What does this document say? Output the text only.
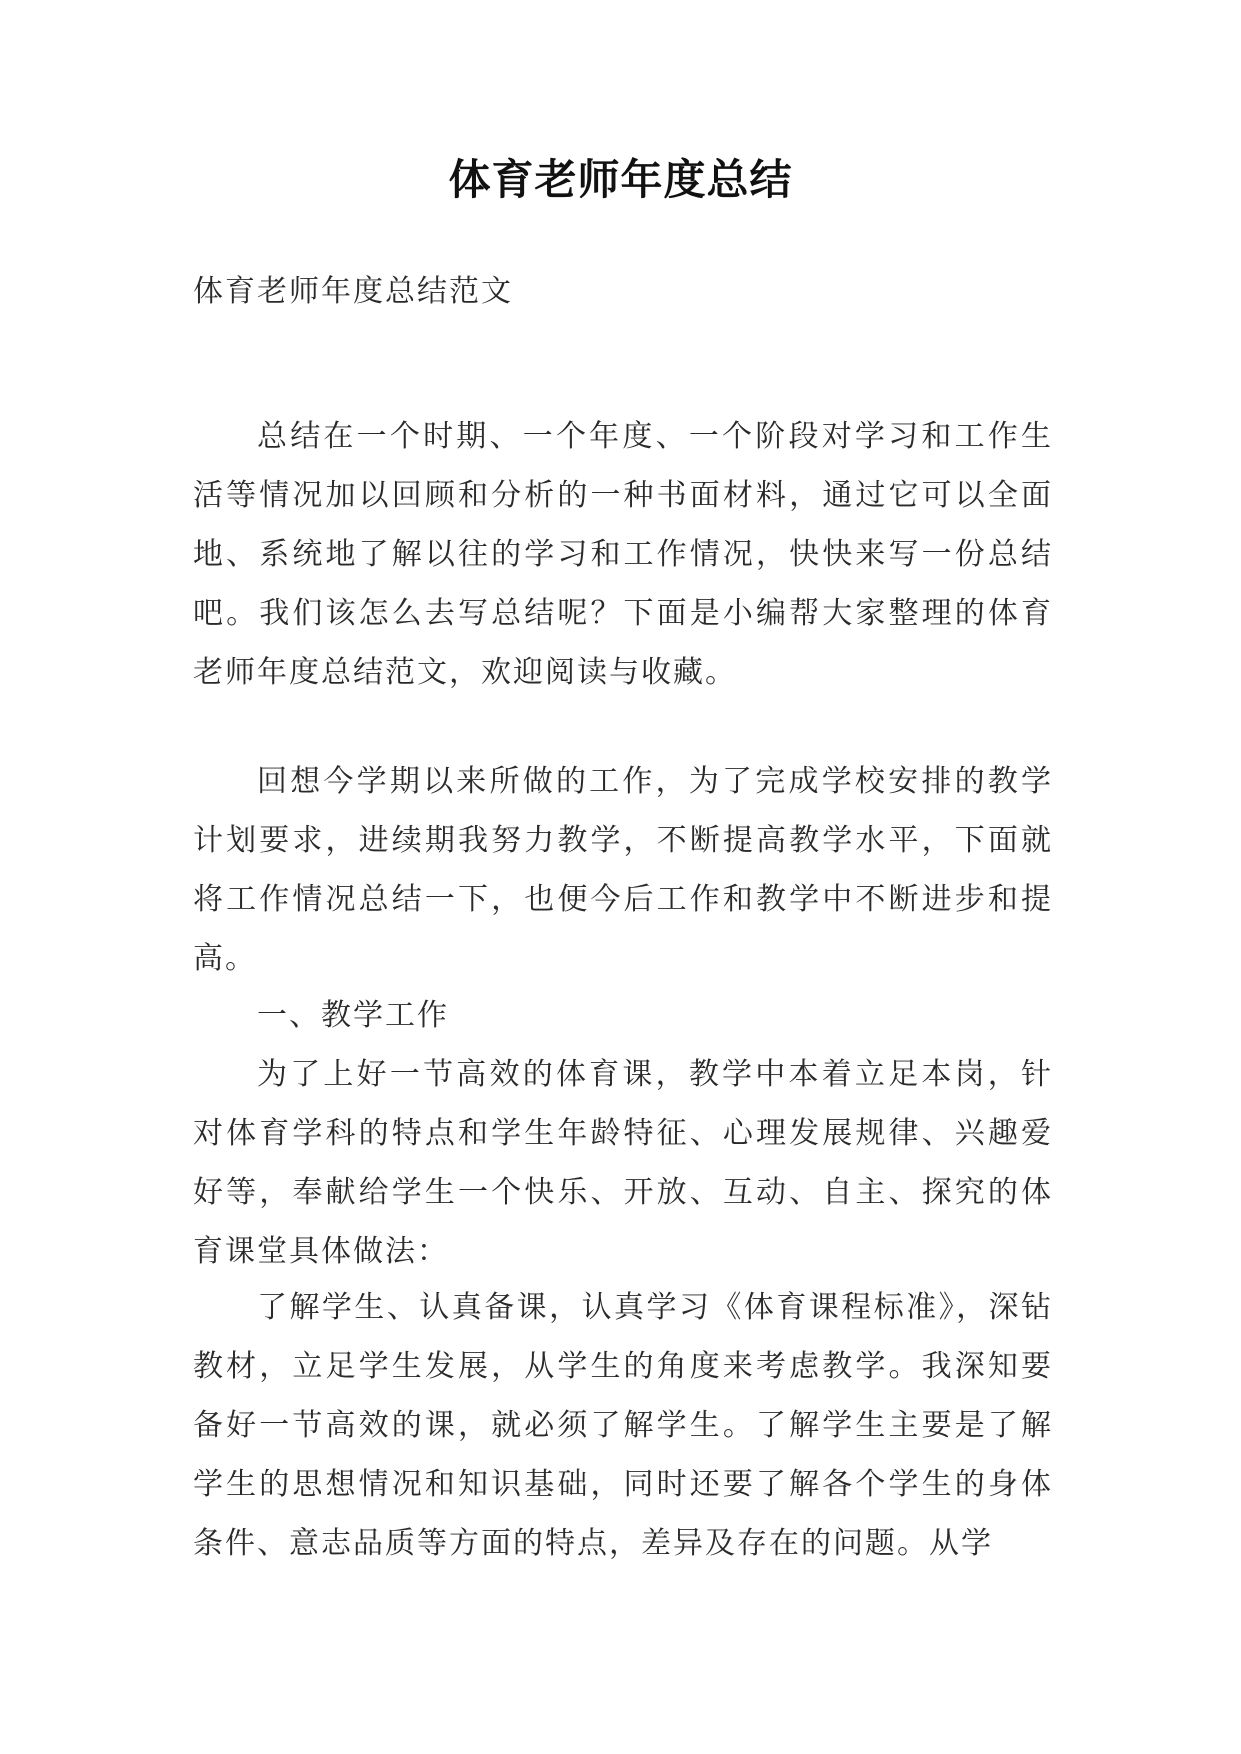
体育老师年度总结
体育老师年度总结范文

总结在一个时期、一个年度、一个阶段对学习和工作生活等情况加以回顾和分析的一种书面材料，通过它可以全面地、系统地了解以往的学习和工作情况，快快来写一份总结吧。我们该怎么去写总结呢？下面是小编帮大家整理的体育老师年度总结范文，欢迎阅读与收藏。

回想今学期以来所做的工作，为了完成学校安排的教学计划要求，进续期我努力教学，不断提高教学水平，下面就将工作情况总结一下，也便今后工作和教学中不断进步和提高。

一、教学工作

为了上好一节高效的体育课，教学中本着立足本岗，针对体育学科的特点和学生年龄特征、心理发展规律、兴趣爱好等，奉献给学生一个快乐、开放、互动、自主、探究的体育课堂具体做法：

了解学生、认真备课，认真学习《体育课程标准》，深钻教材，立足学生发展，从学生的角度来考虑教学。我深知要备好一节高效的课，就必须了解学生。了解学生主要是了解学生的思想情况和知识基础，同时还要了解各个学生的身体条件、意志品质等方面的特点，差异及存在的问题。从学
